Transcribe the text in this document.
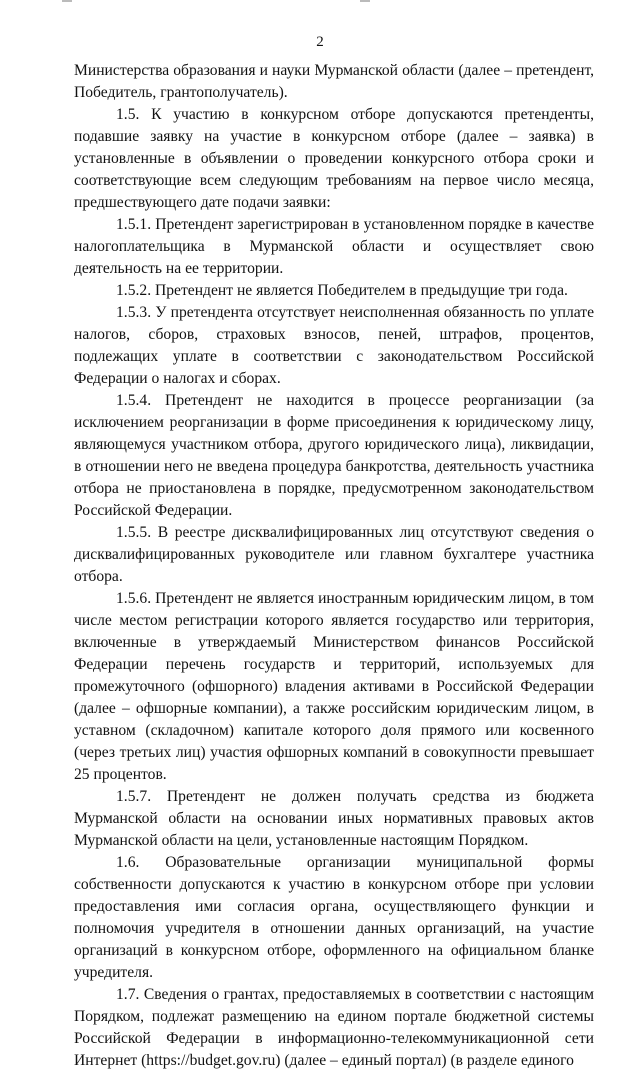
2

Министерства образования и науки Мурманской области (далее – претендент, Победитель, грантополучатель).

1.5. К участию в конкурсном отборе допускаются претенденты, подавшие заявку на участие в конкурсном отборе (далее – заявка) в установленные в объявлении о проведении конкурсного отбора сроки и соответствующие всем следующим требованиям на первое число месяца, предшествующего дате подачи заявки:

1.5.1. Претендент зарегистрирован в установленном порядке в качестве налогоплательщика в Мурманской области и осуществляет свою деятельность на ее территории.

1.5.2. Претендент не является Победителем в предыдущие три года.

1.5.3. У претендента отсутствует неисполненная обязанность по уплате налогов, сборов, страховых взносов, пеней, штрафов, процентов, подлежащих уплате в соответствии с законодательством Российской Федерации о налогах и сборах.

1.5.4. Претендент не находится в процессе реорганизации (за исключением реорганизации в форме присоединения к юридическому лицу, являющемуся участником отбора, другого юридического лица), ликвидации, в отношении него не введена процедура банкротства, деятельность участника отбора не приостановлена в порядке, предусмотренном законодательством Российской Федерации.

1.5.5. В реестре дисквалифицированных лиц отсутствуют сведения о дисквалифицированных руководителе или главном бухгалтере участника отбора.

1.5.6. Претендент не является иностранным юридическим лицом, в том числе местом регистрации которого является государство или территория, включенные в утверждаемый Министерством финансов Российской Федерации перечень государств и территорий, используемых для промежуточного (офшорного) владения активами в Российской Федерации (далее – офшорные компании), а также российским юридическим лицом, в уставном (складочном) капитале которого доля прямого или косвенного (через третьих лиц) участия офшорных компаний в совокупности превышает 25 процентов.

1.5.7. Претендент не должен получать средства из бюджета Мурманской области на основании иных нормативных правовых актов Мурманской области на цели, установленные настоящим Порядком.

1.6. Образовательные организации муниципальной формы собственности допускаются к участию в конкурсном отборе при условии предоставления ими согласия органа, осуществляющего функции и полномочия учредителя в отношении данных организаций, на участие организаций в конкурсном отборе, оформленного на официальном бланке учредителя.

1.7. Сведения о грантах, предоставляемых в соответствии с настоящим Порядком, подлежат размещению на едином портале бюджетной системы Российской Федерации в информационно-телекоммуникационной сети Интернет (https://budget.gov.ru) (далее – единый портал) (в разделе единого
